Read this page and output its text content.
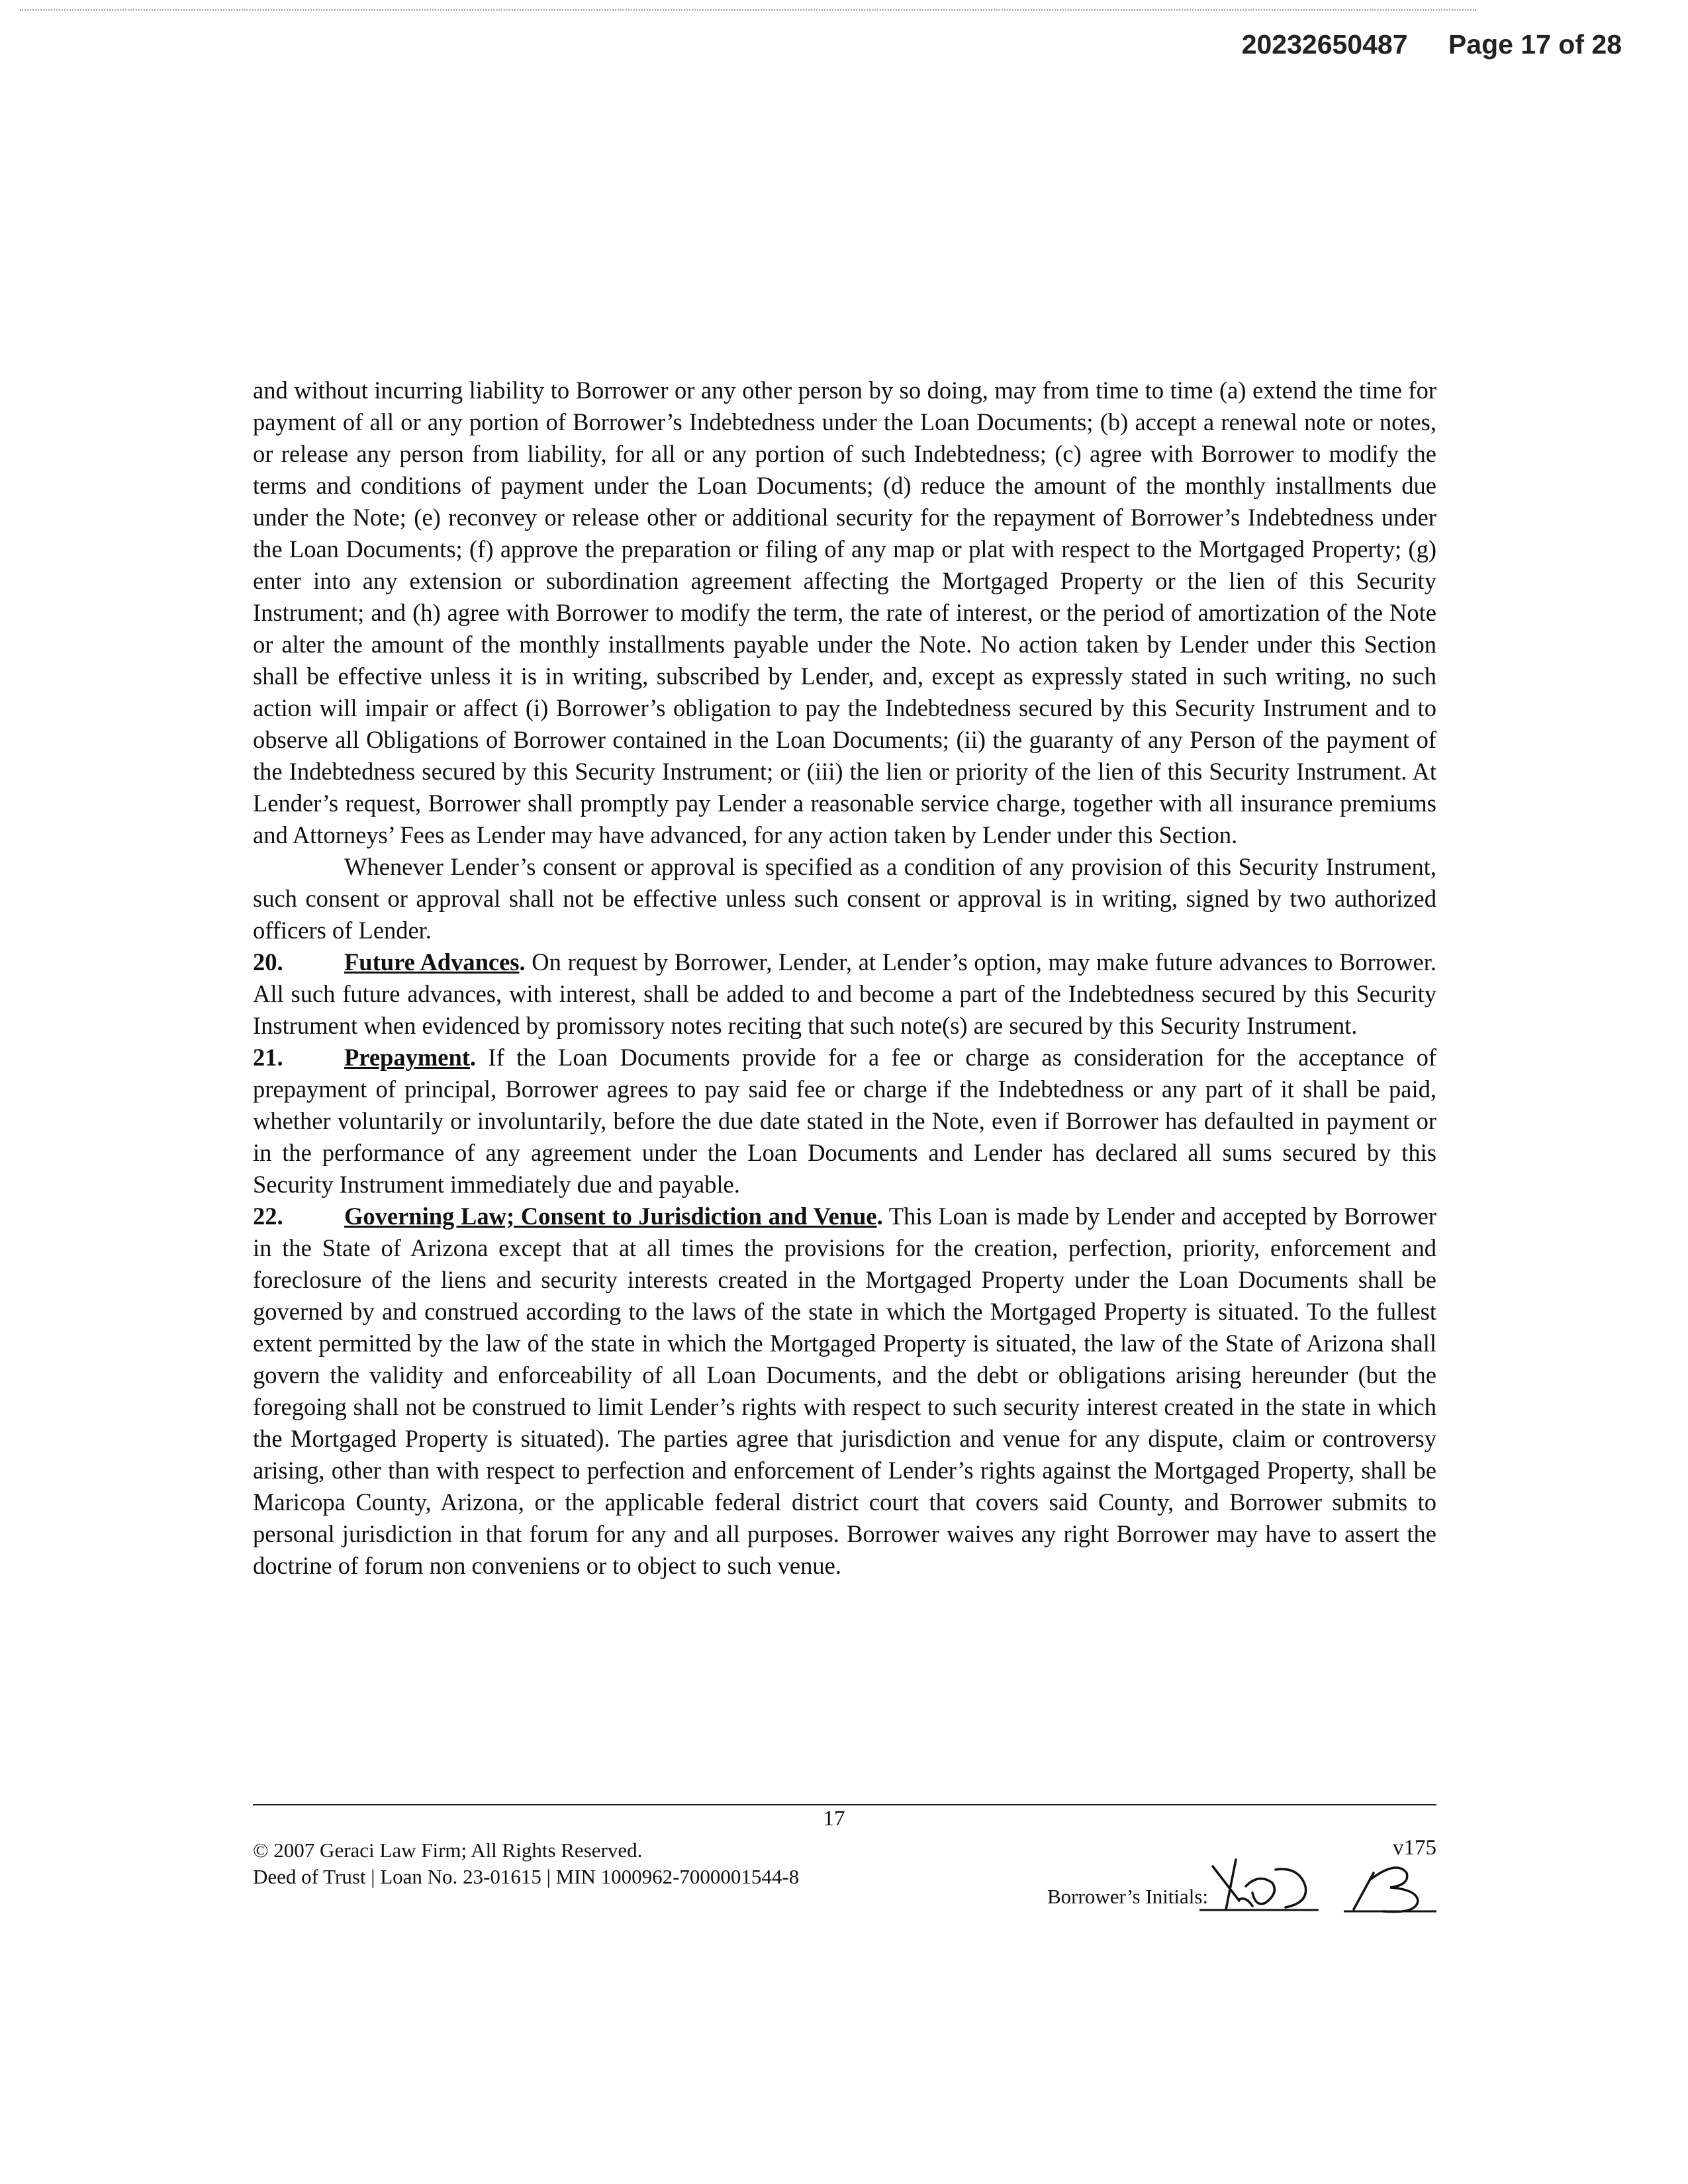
20232650487 Page 17 of 28

and without incurring liability to Borrower or any other person by so doing, may from time to time (a) extend the time for payment of all or any portion of Borrower’s Indebtedness under the Loan Documents; (b) accept a renewal note or notes, or release any person from liability, for all or any portion of such Indebtedness; (c) agree with Borrower to modify the terms and conditions of payment under the Loan Documents; (d) reduce the amount of the monthly installments due under the Note; (e) reconvey or release other or additional security for the repayment of Borrower’s Indebtedness under the Loan Documents; (f) approve the preparation or filing of any map or plat with respect to the Mortgaged Property; (g) enter into any extension or subordination agreement affecting the Mortgaged Property or the lien of this Security Instrument; and (h) agree with Borrower to modify the term, the rate of interest, or the period of amortization of the Note or alter the amount of the monthly installments payable under the Note. No action taken by Lender under this Section shall be effective unless it is in writing, subscribed by Lender, and, except as expressly stated in such writing, no such action will impair or affect (i) Borrower’s obligation to pay the Indebtedness secured by this Security Instrument and to observe all Obligations of Borrower contained in the Loan Documents; (ii) the guaranty of any Person of the payment of the Indebtedness secured by this Security Instrument; or (iii) the lien or priority of the lien of this Security Instrument. At Lender’s request, Borrower shall promptly pay Lender a reasonable service charge, together with all insurance premiums and Attorneys’ Fees as Lender may have advanced, for any action taken by Lender under this Section.

Whenever Lender’s consent or approval is specified as a condition of any provision of this Security Instrument, such consent or approval shall not be effective unless such consent or approval is in writing, signed by two authorized officers of Lender.

20.	Future Advances. On request by Borrower, Lender, at Lender’s option, may make future advances to Borrower. All such future advances, with interest, shall be added to and become a part of the Indebtedness secured by this Security Instrument when evidenced by promissory notes reciting that such note(s) are secured by this Security Instrument.

21.	Prepayment. If the Loan Documents provide for a fee or charge as consideration for the acceptance of prepayment of principal, Borrower agrees to pay said fee or charge if the Indebtedness or any part of it shall be paid, whether voluntarily or involuntarily, before the due date stated in the Note, even if Borrower has defaulted in payment or in the performance of any agreement under the Loan Documents and Lender has declared all sums secured by this Security Instrument immediately due and payable.

22.	Governing Law; Consent to Jurisdiction and Venue. This Loan is made by Lender and accepted by Borrower in the State of Arizona except that at all times the provisions for the creation, perfection, priority, enforcement and foreclosure of the liens and security interests created in the Mortgaged Property under the Loan Documents shall be governed by and construed according to the laws of the state in which the Mortgaged Property is situated. To the fullest extent permitted by the law of the state in which the Mortgaged Property is situated, the law of the State of Arizona shall govern the validity and enforceability of all Loan Documents, and the debt or obligations arising hereunder (but the foregoing shall not be construed to limit Lender’s rights with respect to such security interest created in the state in which the Mortgaged Property is situated). The parties agree that jurisdiction and venue for any dispute, claim or controversy arising, other than with respect to perfection and enforcement of Lender’s rights against the Mortgaged Property, shall be Maricopa County, Arizona, or the applicable federal district court that covers said County, and Borrower submits to personal jurisdiction in that forum for any and all purposes. Borrower waives any right Borrower may have to assert the doctrine of forum non conveniens or to object to such venue.

17
© 2007 Geraci Law Firm; All Rights Reserved.
Deed of Trust | Loan No. 23-01615 | MIN 1000962-7000001544-8
v175
Borrower’s Initials:
